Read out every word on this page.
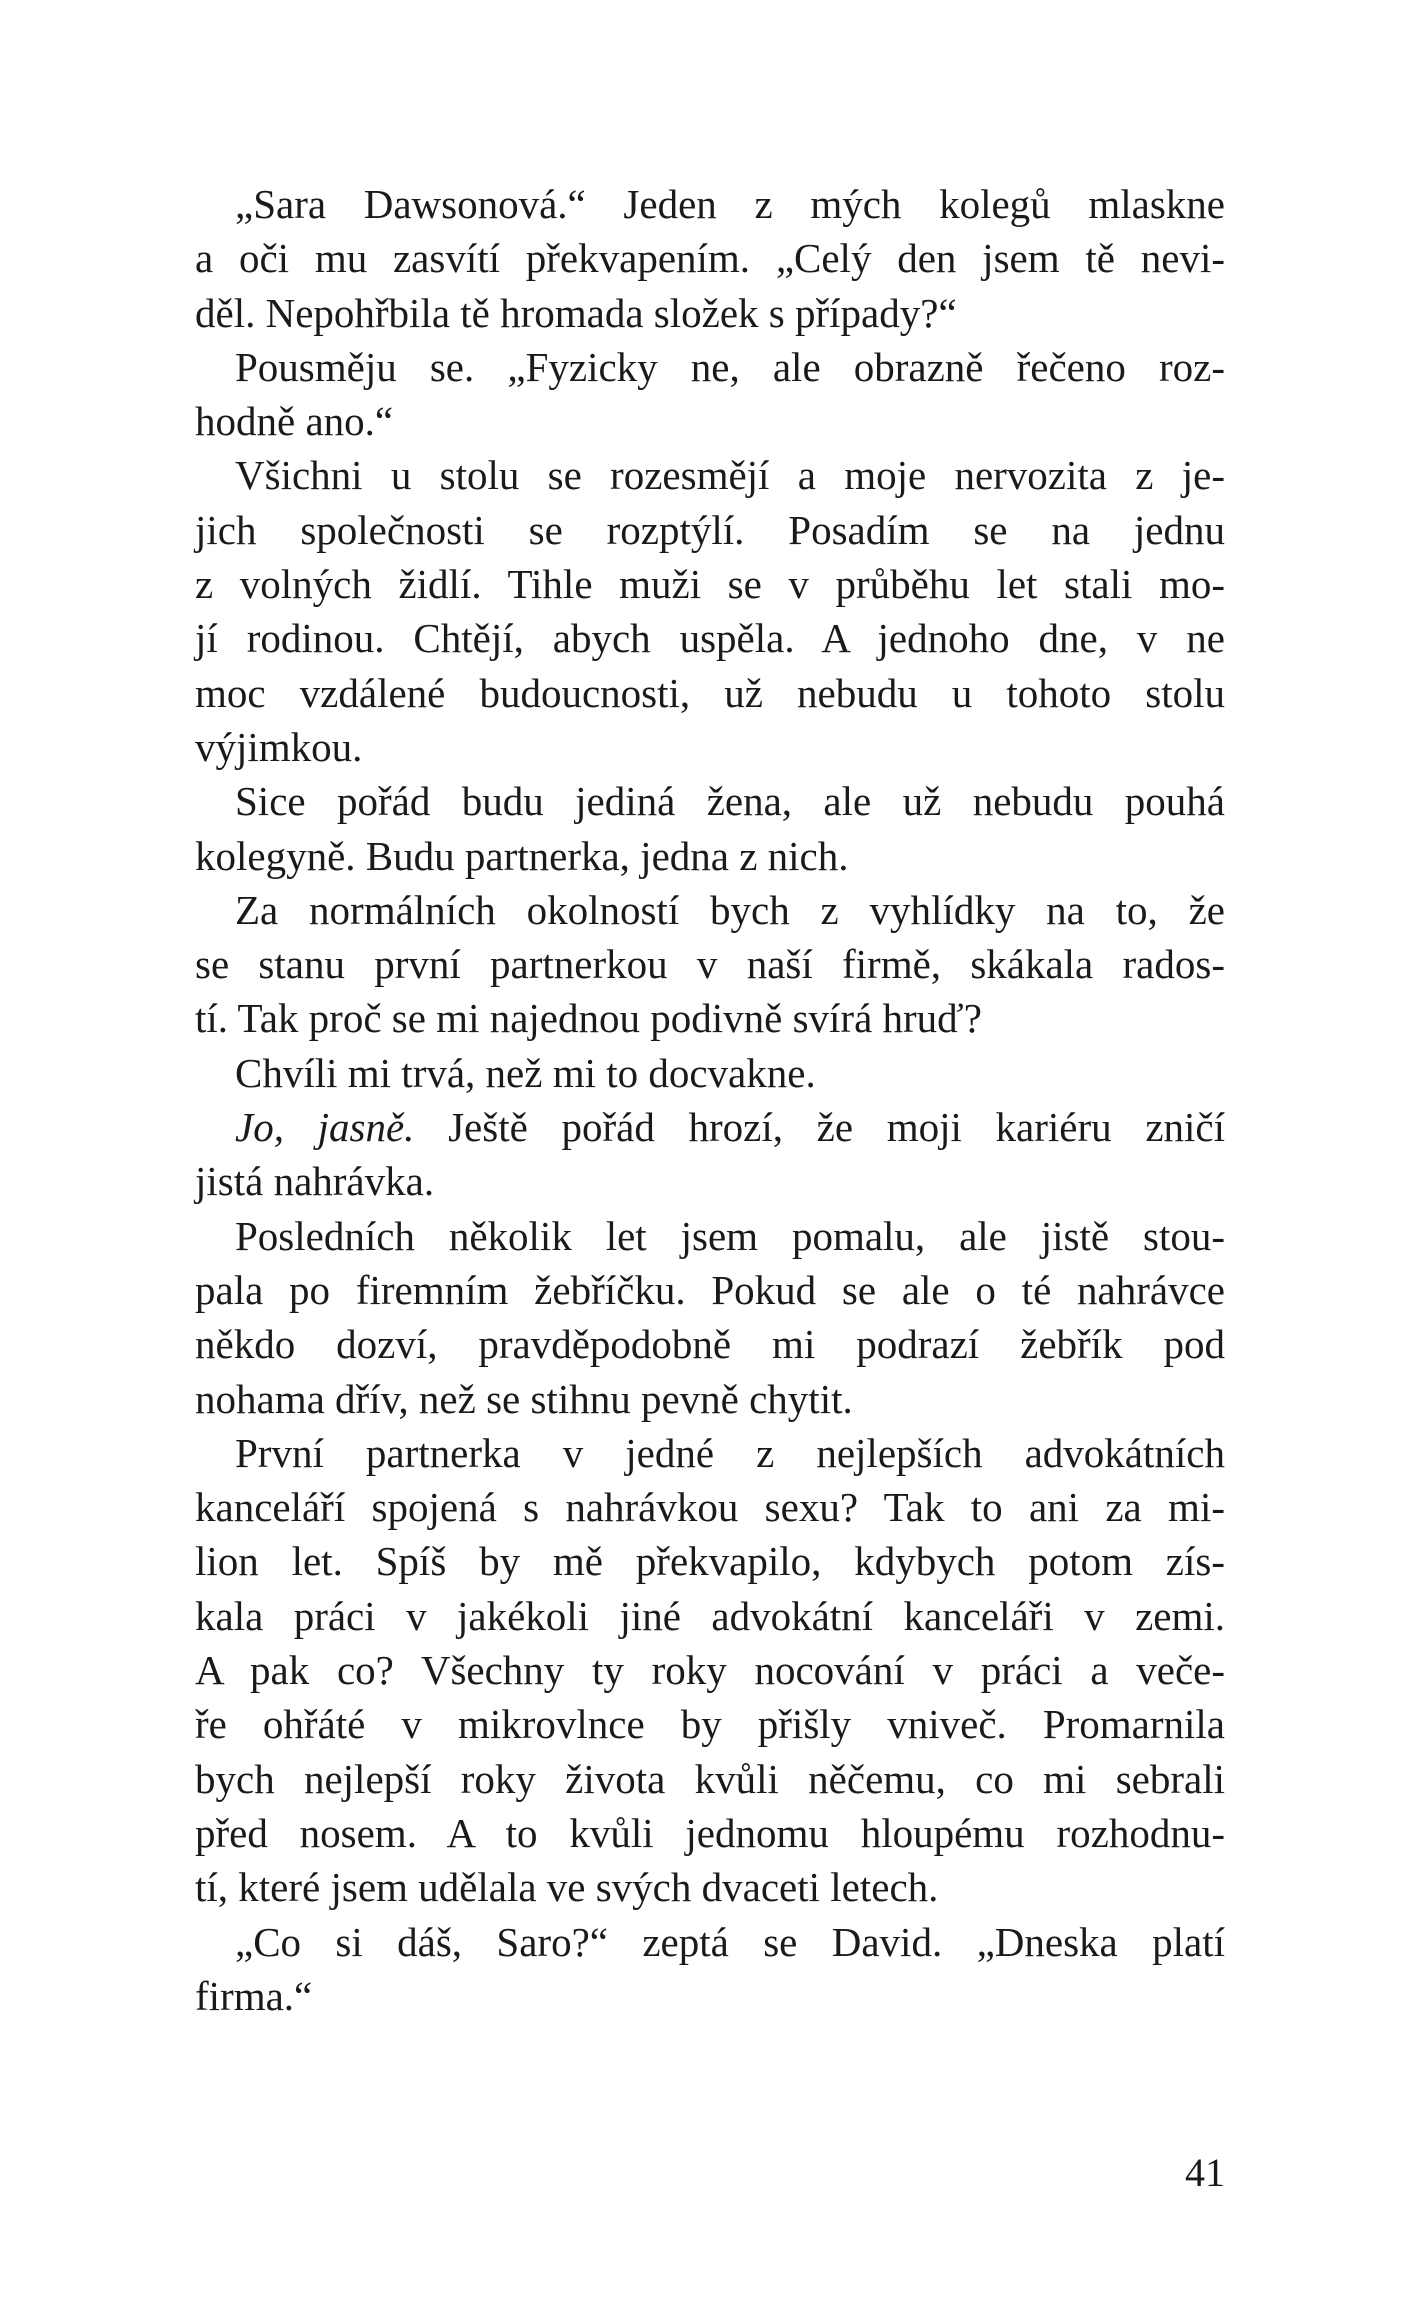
„Sara Dawsonová.“ Jeden z mých kolegů mlaskne
a oči mu zasvítí překvapením. „Celý den jsem tě nevi-
děl. Nepohřbila tě hromada složek s případy?“
Pousměju se. „Fyzicky ne, ale obrazně řečeno roz-
hodně ano.“
Všichni u stolu se rozesmějí a moje nervozita z je-
jich společnosti se rozptýlí. Posadím se na jednu
z volných židlí. Tihle muži se v průběhu let stali mo-
jí rodinou. Chtějí, abych uspěla. A jednoho dne, v ne
moc vzdálené budoucnosti, už nebudu u tohoto stolu
výjimkou.
Sice pořád budu jediná žena, ale už nebudu pouhá
kolegyně. Budu partnerka, jedna z nich.
Za normálních okolností bych z vyhlídky na to, že
se stanu první partnerkou v naší firmě, skákala rados-
tí. Tak proč se mi najednou podivně svírá hruď?
Chvíli mi trvá, než mi to docvakne.
Jo, jasně. Ještě pořád hrozí, že moji kariéru zničí
jistá nahrávka.
Posledních několik let jsem pomalu, ale jistě stou-
pala po firemním žebříčku. Pokud se ale o té nahrávce
někdo dozví, pravděpodobně mi podrazí žebřík pod
nohama dřív, než se stihnu pevně chytit.
První partnerka v jedné z nejlepších advokátních
kanceláří spojená s nahrávkou sexu? Tak to ani za mi-
lion let. Spíš by mě překvapilo, kdybych potom zís-
kala práci v jakékoli jiné advokátní kanceláři v zemi.
A pak co? Všechny ty roky nocování v práci a veče-
ře ohřáté v mikrovlnce by přišly vniveč. Promarnila
bych nejlepší roky života kvůli něčemu, co mi sebrali
před nosem. A to kvůli jednomu hloupému rozhodnu-
tí, které jsem udělala ve svých dvaceti letech.
„Co si dáš, Saro?“ zeptá se David. „Dneska platí
firma.“
41
